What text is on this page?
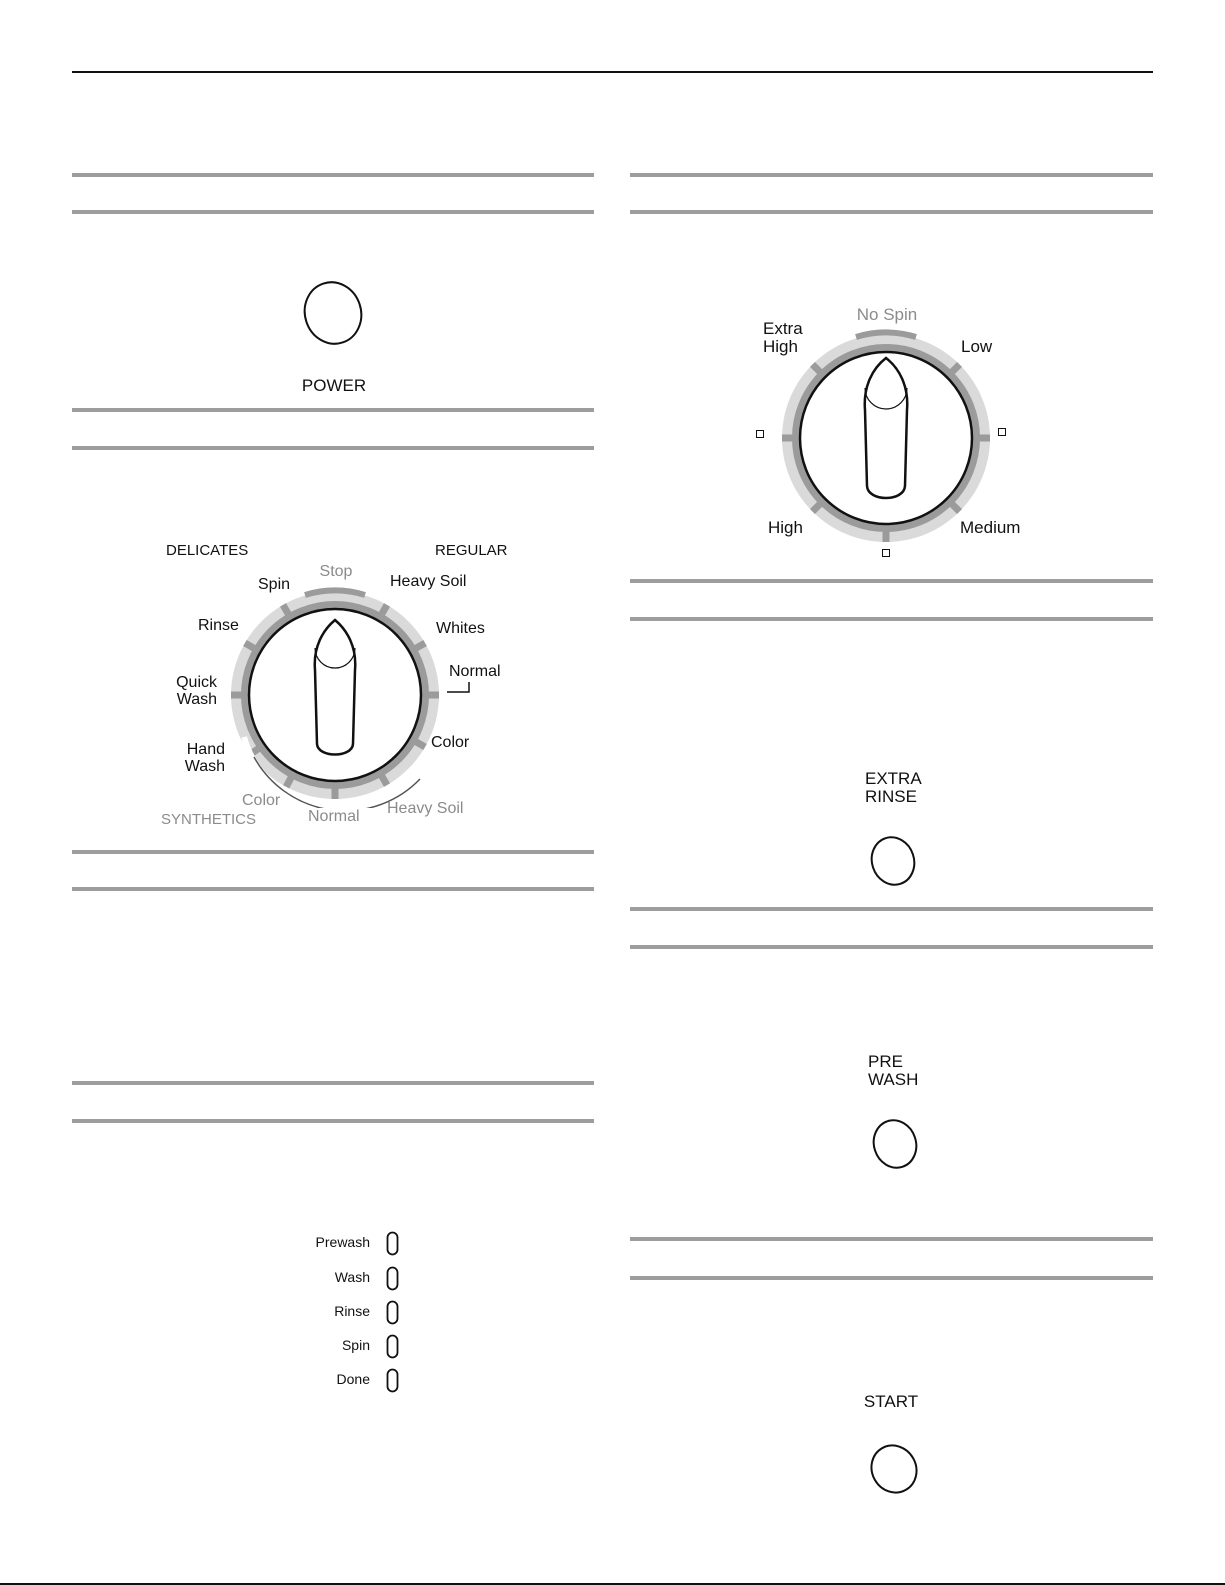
POWER
DELICATES	REGULAR
Stop
Spin	Heavy Soil
Rinse	Whites
Normal
Quick
Wash
Color
Hand
Wash
Color
SYNTHETICS	Normal Heavy Soil
No Spin
Extra
High	Low
High	Medium
Prewash
Wash
Rinse
Spin
Done
EXTRA
RINSE
PRE
WASH
START
